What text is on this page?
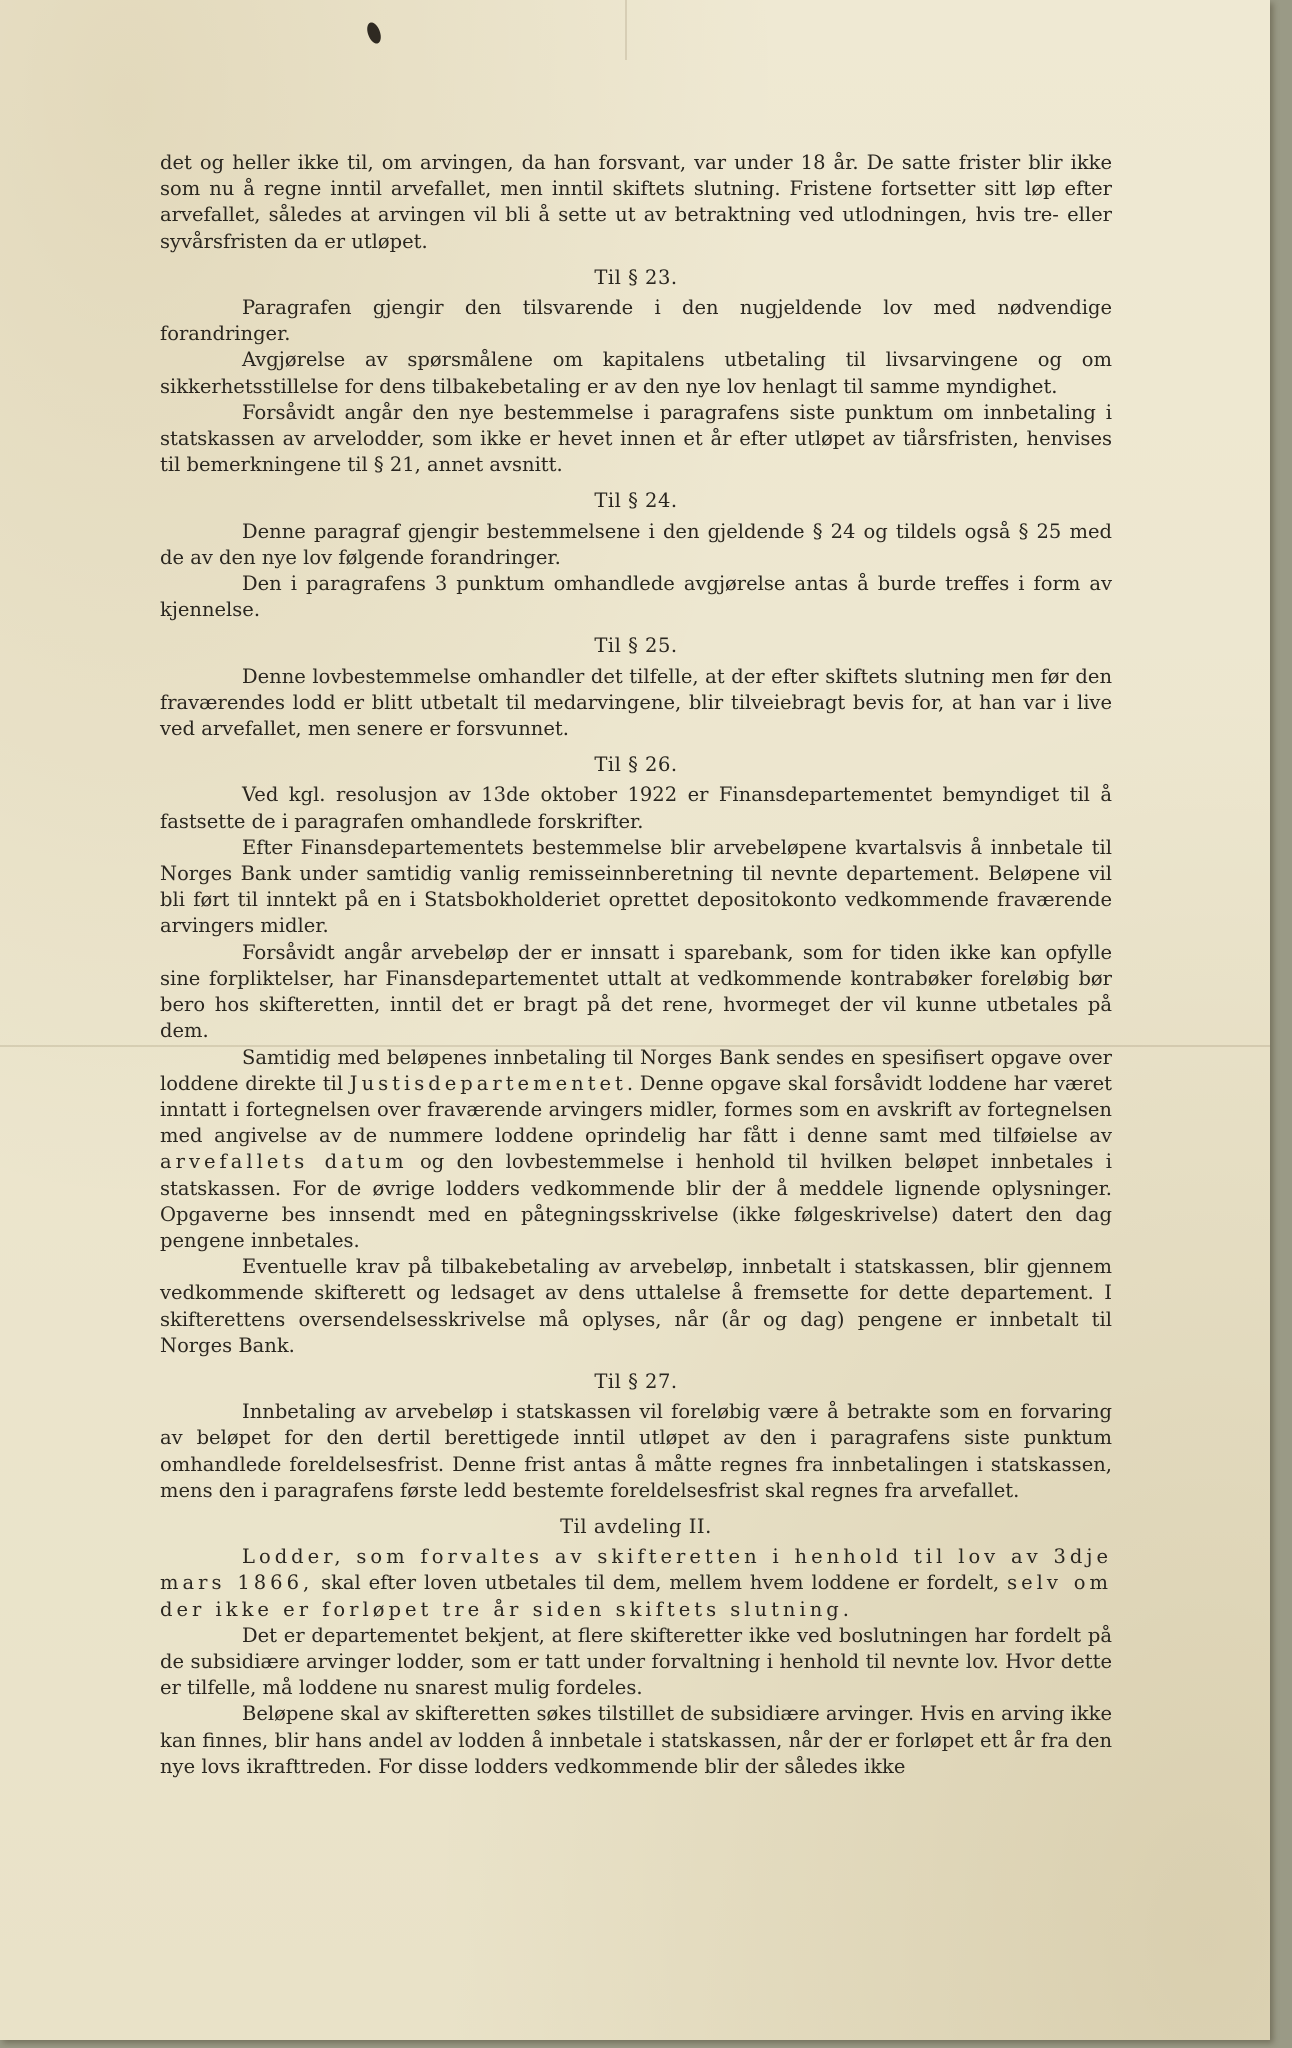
det og heller ikke til, om arvingen, da han forsvant, var under 18 år. De satte frister blir ikke som nu å regne inntil arvefallet, men inntil skiftets slutning. Fristene fortsetter sitt løp efter arvefallet, således at arvingen vil bli å sette ut av betraktning ved utlodningen, hvis tre- eller syvårsfristen da er utløpet.

Til § 23.

Paragrafen gjengir den tilsvarende i den nugjeldende lov med nødvendige forandringer.

Avgjørelse av spørsmålene om kapitalens utbetaling til livsarvingene og om sikkerhetsstillelse for dens tilbakebetaling er av den nye lov henlagt til samme myndighet.

Forsåvidt angår den nye bestemmelse i paragrafens siste punktum om innbetaling i statskassen av arvelodder, som ikke er hevet innen et år efter utløpet av tiårsfristen, henvises til bemerkningene til § 21, annet avsnitt.

Til § 24.

Denne paragraf gjengir bestemmelsene i den gjeldende § 24 og tildels også § 25 med de av den nye lov følgende forandringer.

Den i paragrafens 3 punktum omhandlede avgjørelse antas å burde treffes i form av kjennelse.

Til § 25.

Denne lovbestemmelse omhandler det tilfelle, at der efter skiftets slutning men før den fraværendes lodd er blitt utbetalt til medarvingene, blir tilveiebragt bevis for, at han var i live ved arvefallet, men senere er forsvunnet.

Til § 26.

Ved kgl. resolusjon av 13de oktober 1922 er Finansdepartementet bemyndiget til å fastsette de i paragrafen omhandlede forskrifter.

Efter Finansdepartementets bestemmelse blir arvebeløpene kvartalsvis å innbetale til Norges Bank under samtidig vanlig remisseinnberetning til nevnte departement. Beløpene vil bli ført til inntekt på en i Statsbokholderiet oprettet depositokonto vedkommende fraværende arvingers midler.

Forsåvidt angår arvebeløp der er innsatt i sparebank, som for tiden ikke kan opfylle sine forpliktelser, har Finansdepartementet uttalt at vedkommende kontrabøker foreløbig bør bero hos skifteretten, inntil det er bragt på det rene, hvormeget der vil kunne utbetales på dem.

Samtidig med beløpenes innbetaling til Norges Bank sendes en spesifisert opgave over loddene direkte til Justisdepartementet. Denne opgave skal forsåvidt loddene har været inntatt i fortegnelsen over fraværende arvingers midler, formes som en avskrift av fortegnelsen med angivelse av de nummere loddene oprindelig har fått i denne samt med tilføielse av arvefallets datum og den lovbestemmelse i henhold til hvilken beløpet innbetales i statskassen. For de øvrige lodders vedkommende blir der å meddele lignende oplysninger. Opgaverne bes innsendt med en påtegningsskrivelse (ikke følgeskrivelse) datert den dag pengene innbetales.

Eventuelle krav på tilbakebetaling av arvebeløp, innbetalt i statskassen, blir gjennem vedkommende skifterett og ledsaget av dens uttalelse å fremsette for dette departement. I skifterettens oversendelsesskrivelse må oplyses, når (år og dag) pengene er innbetalt til Norges Bank.

Til § 27.

Innbetaling av arvebeløp i statskassen vil foreløbig være å betrakte som en forvaring av beløpet for den dertil berettigede inntil utløpet av den i paragrafens siste punktum omhandlede foreldelsesfrist. Denne frist antas å måtte regnes fra innbetalingen i statskassen, mens den i paragrafens første ledd bestemte foreldelsesfrist skal regnes fra arvefallet.

Til avdeling II.

Lodder, som forvaltes av skifteretten i henhold til lov av 3dje mars 1866, skal efter loven utbetales til dem, mellem hvem loddene er fordelt, selv om der ikke er forløpet tre år siden skiftets slutning.

Det er departementet bekjent, at flere skifteretter ikke ved boslutningen har fordelt på de subsidiære arvinger lodder, som er tatt under forvaltning i henhold til nevnte lov. Hvor dette er tilfelle, må loddene nu snarest mulig fordeles.

Beløpene skal av skifteretten søkes tilstillet de subsidiære arvinger. Hvis en arving ikke kan finnes, blir hans andel av lodden å innbetale i statskassen, når der er forløpet ett år fra den nye lovs ikrafttreden. For disse lodders vedkommende blir der således ikke
